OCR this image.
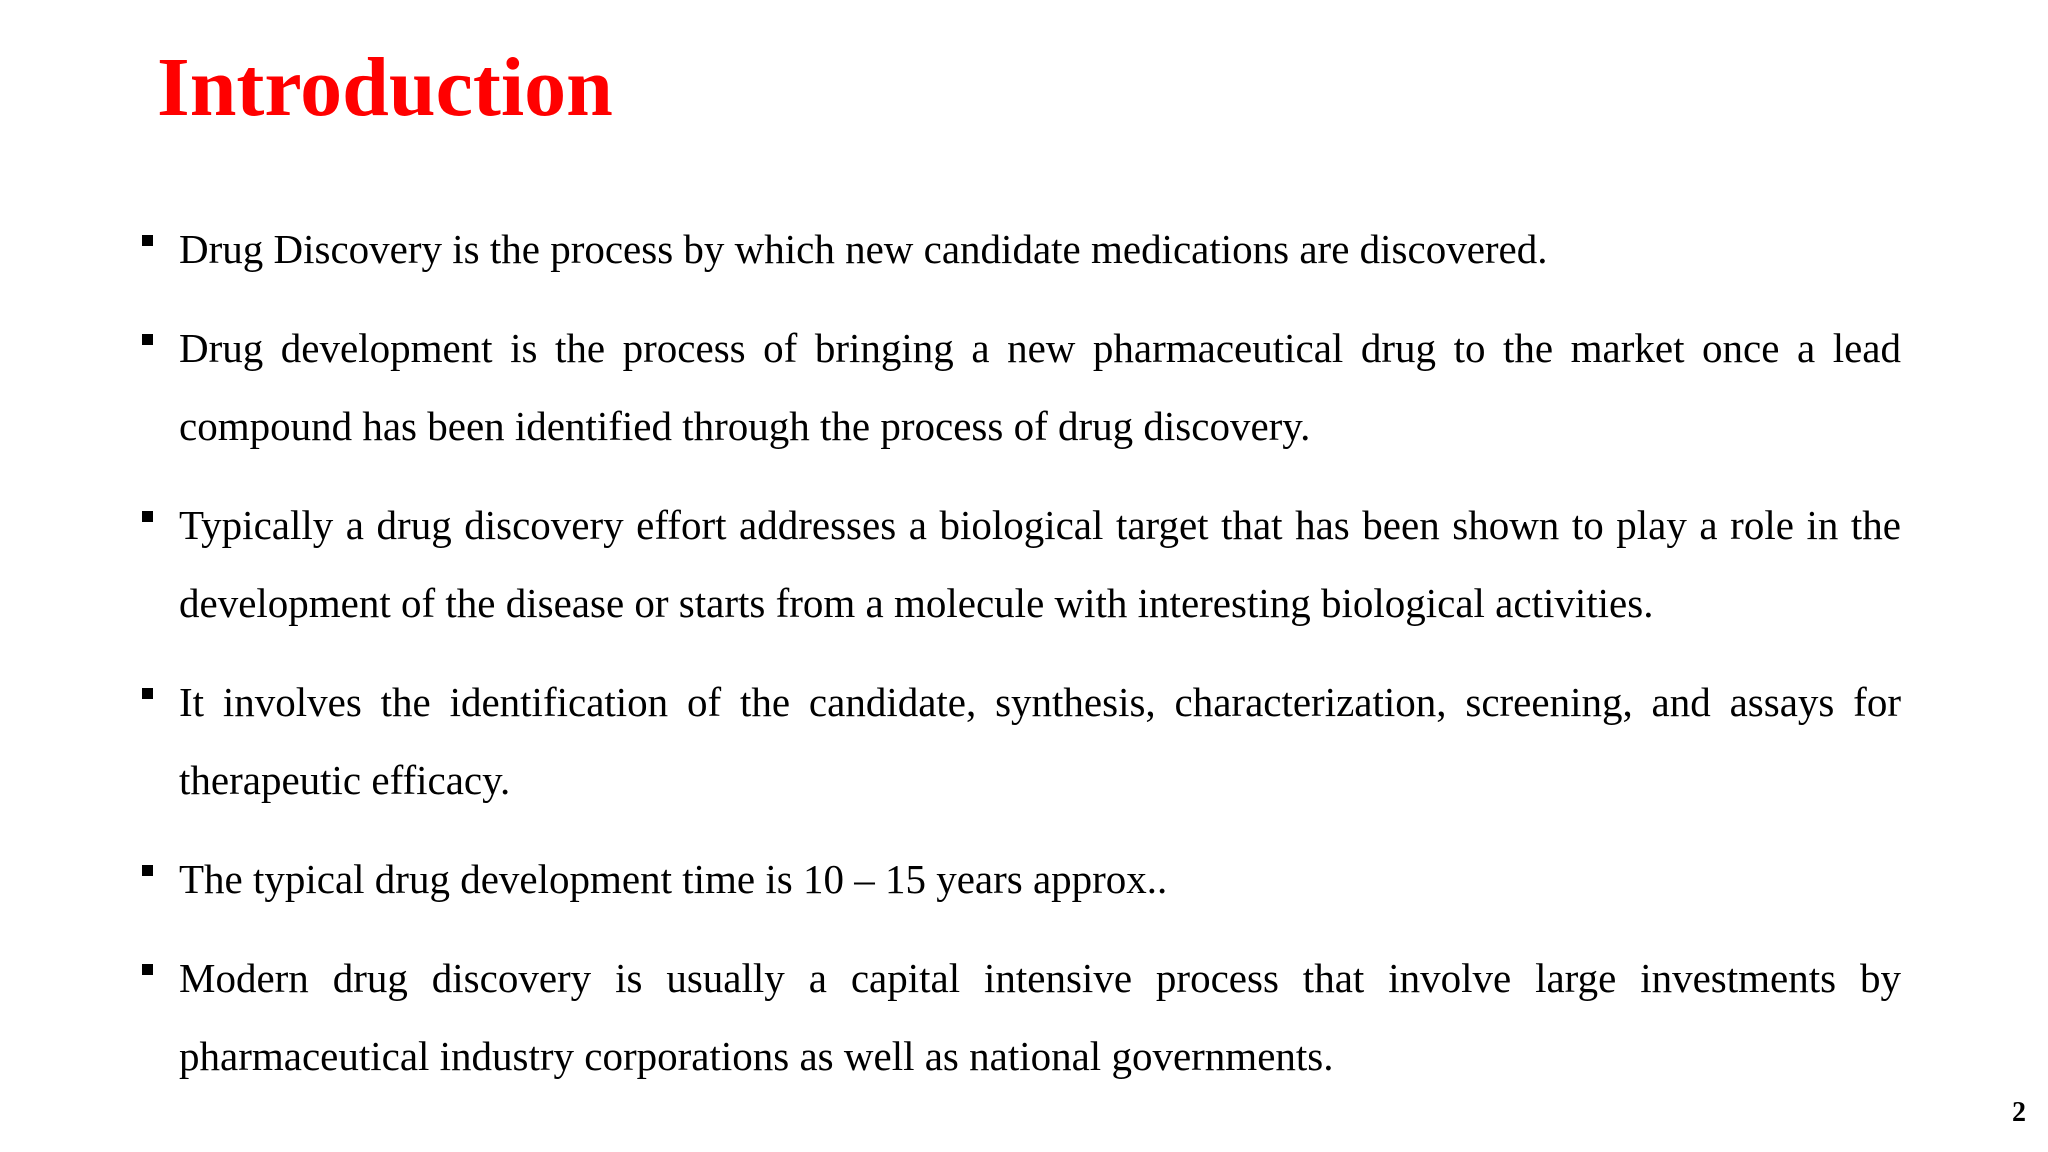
Introduction

Drug Discovery is the process by which new candidate medications are discovered.

Drug development is the process of bringing a new pharmaceutical drug to the market once a lead compound has been identified through the process of drug discovery.

Typically a drug discovery effort addresses a biological target that has been shown to play a role in the development of the disease or starts from a molecule with interesting biological activities.

It involves the identification of the candidate, synthesis, characterization, screening, and assays for therapeutic efficacy.

The typical drug development time is 10 – 15 years approx..

Modern drug discovery is usually a capital intensive process that involve large investments by pharmaceutical industry corporations as well as national governments.

2
